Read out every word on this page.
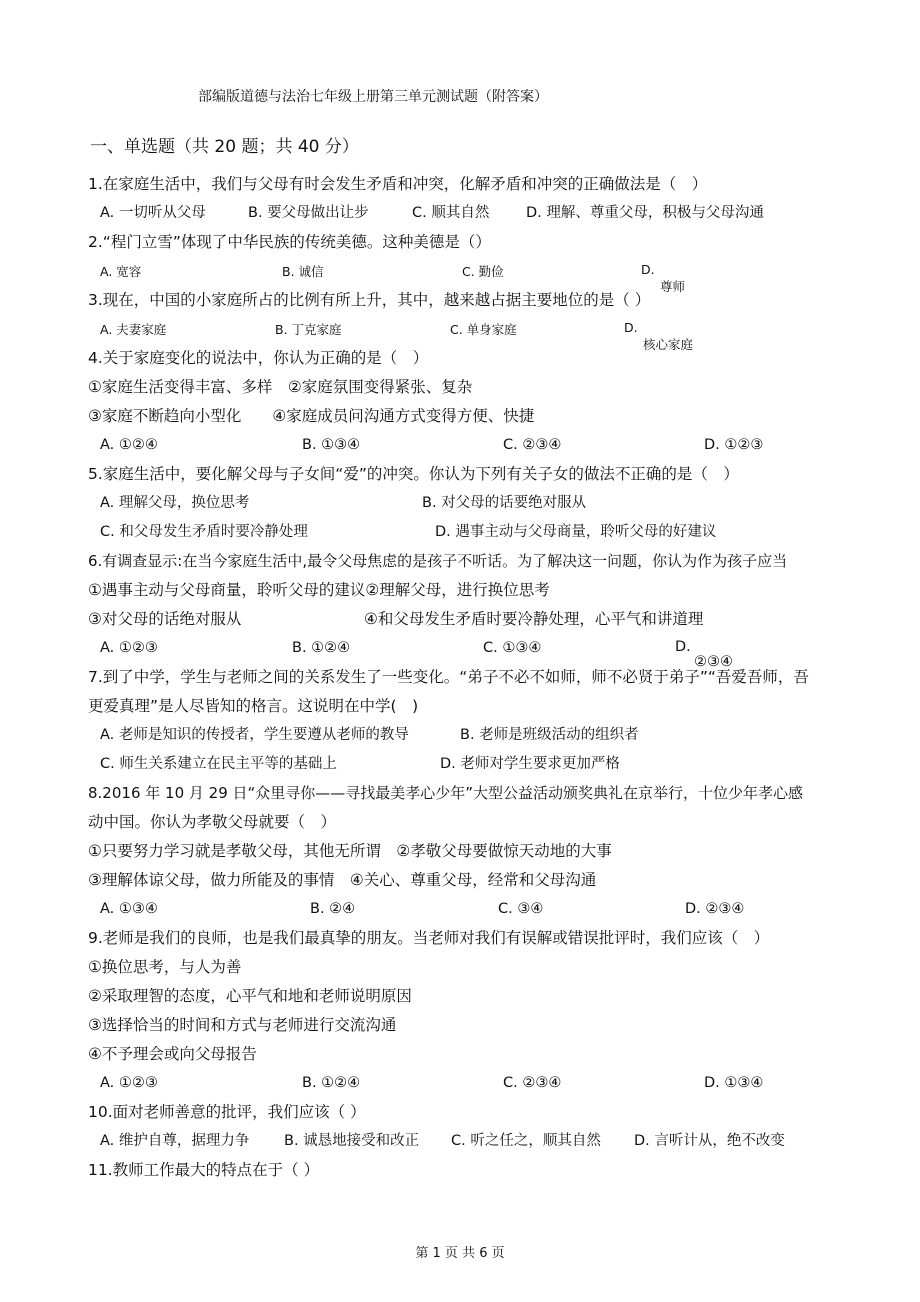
部编版道德与法治七年级上册第三单元测试题（附答案）
一、单选题（共 20 题；共 40 分）
1.在家庭生活中，我们与父母有时会发生矛盾和冲突，化解矛盾和冲突的正确做法是（　）
A. 一切听从父母	B. 要父母做出让步	C. 顺其自然	D. 理解、尊重父母，积极与父母沟通
2.“程门立雪”体现了中华民族的传统美德。这种美德是（）
A. 宽容	B. 诚信	C. 勤俭	D.
尊师
3.现在，中国的小家庭所占的比例有所上升，其中，越来越占据主要地位的是（ ）
A. 夫妻家庭	B. 丁克家庭	C. 单身家庭	D.
核心家庭
4.关于家庭变化的说法中，你认为正确的是（　）
①家庭生活变得丰富、多样　②家庭氛围变得紧张、复杂
③家庭不断趋向小型化　　④家庭成员问沟通方式变得方便、快捷
A. ①②④	B. ①③④	C. ②③④	D. ①②③
5.家庭生活中，要化解父母与子女间“爱”的冲突。你认为下列有关子女的做法不正确的是（　）
A. 理解父母，换位思考	B. 对父母的话要绝对服从
C. 和父母发生矛盾时要冷静处理	D. 遇事主动与父母商量，聆听父母的好建议
6.有调查显示:在当今家庭生活中,最令父母焦虑的是孩子不听话。为了解决这一问题，你认为作为孩子应当
①遇事主动与父母商量，聆听父母的建议②理解父母，进行换位思考
③对父母的话绝对服从	④和父母发生矛盾时要冷静处理，心平气和讲道理
A. ①②③	B. ①②④	C. ①③④	D.
②③④
7.到了中学，学生与老师之间的关系发生了一些变化。“弟子不必不如师，师不必贤于弟子”“吾爱吾师，吾
更爱真理”是人尽皆知的格言。这说明在中学(　)
A. 老师是知识的传授者，学生要遵从老师的教导	B. 老师是班级活动的组织者
C. 师生关系建立在民主平等的基础上	D. 老师对学生要求更加严格
8.2016 年 10 月 29 日“众里寻你——寻找最美孝心少年”大型公益活动颁奖典礼在京举行，十位少年孝心感
动中国。你认为孝敬父母就要（　）
①只要努力学习就是孝敬父母，其他无所谓　②孝敬父母要做惊天动地的大事
③理解体谅父母，做力所能及的事情　④关心、尊重父母，经常和父母沟通
A. ①③④	B. ②④	C. ③④	D. ②③④
9.老师是我们的良师，也是我们最真挚的朋友。当老师对我们有误解或错误批评时，我们应该（　）
①换位思考，与人为善
②采取理智的态度，心平气和地和老师说明原因
③选择恰当的时间和方式与老师进行交流沟通
④不予理会或向父母报告
A. ①②③	B. ①②④	C. ②③④	D. ①③④
10.面对老师善意的批评，我们应该（ ）
A. 维护自尊，据理力争 B. 诚恳地接受和改正 C. 听之任之，顺其自然 D. 言听计从，绝不改变
11.教师工作最大的特点在于（ ）
第 1 页 共 6 页
